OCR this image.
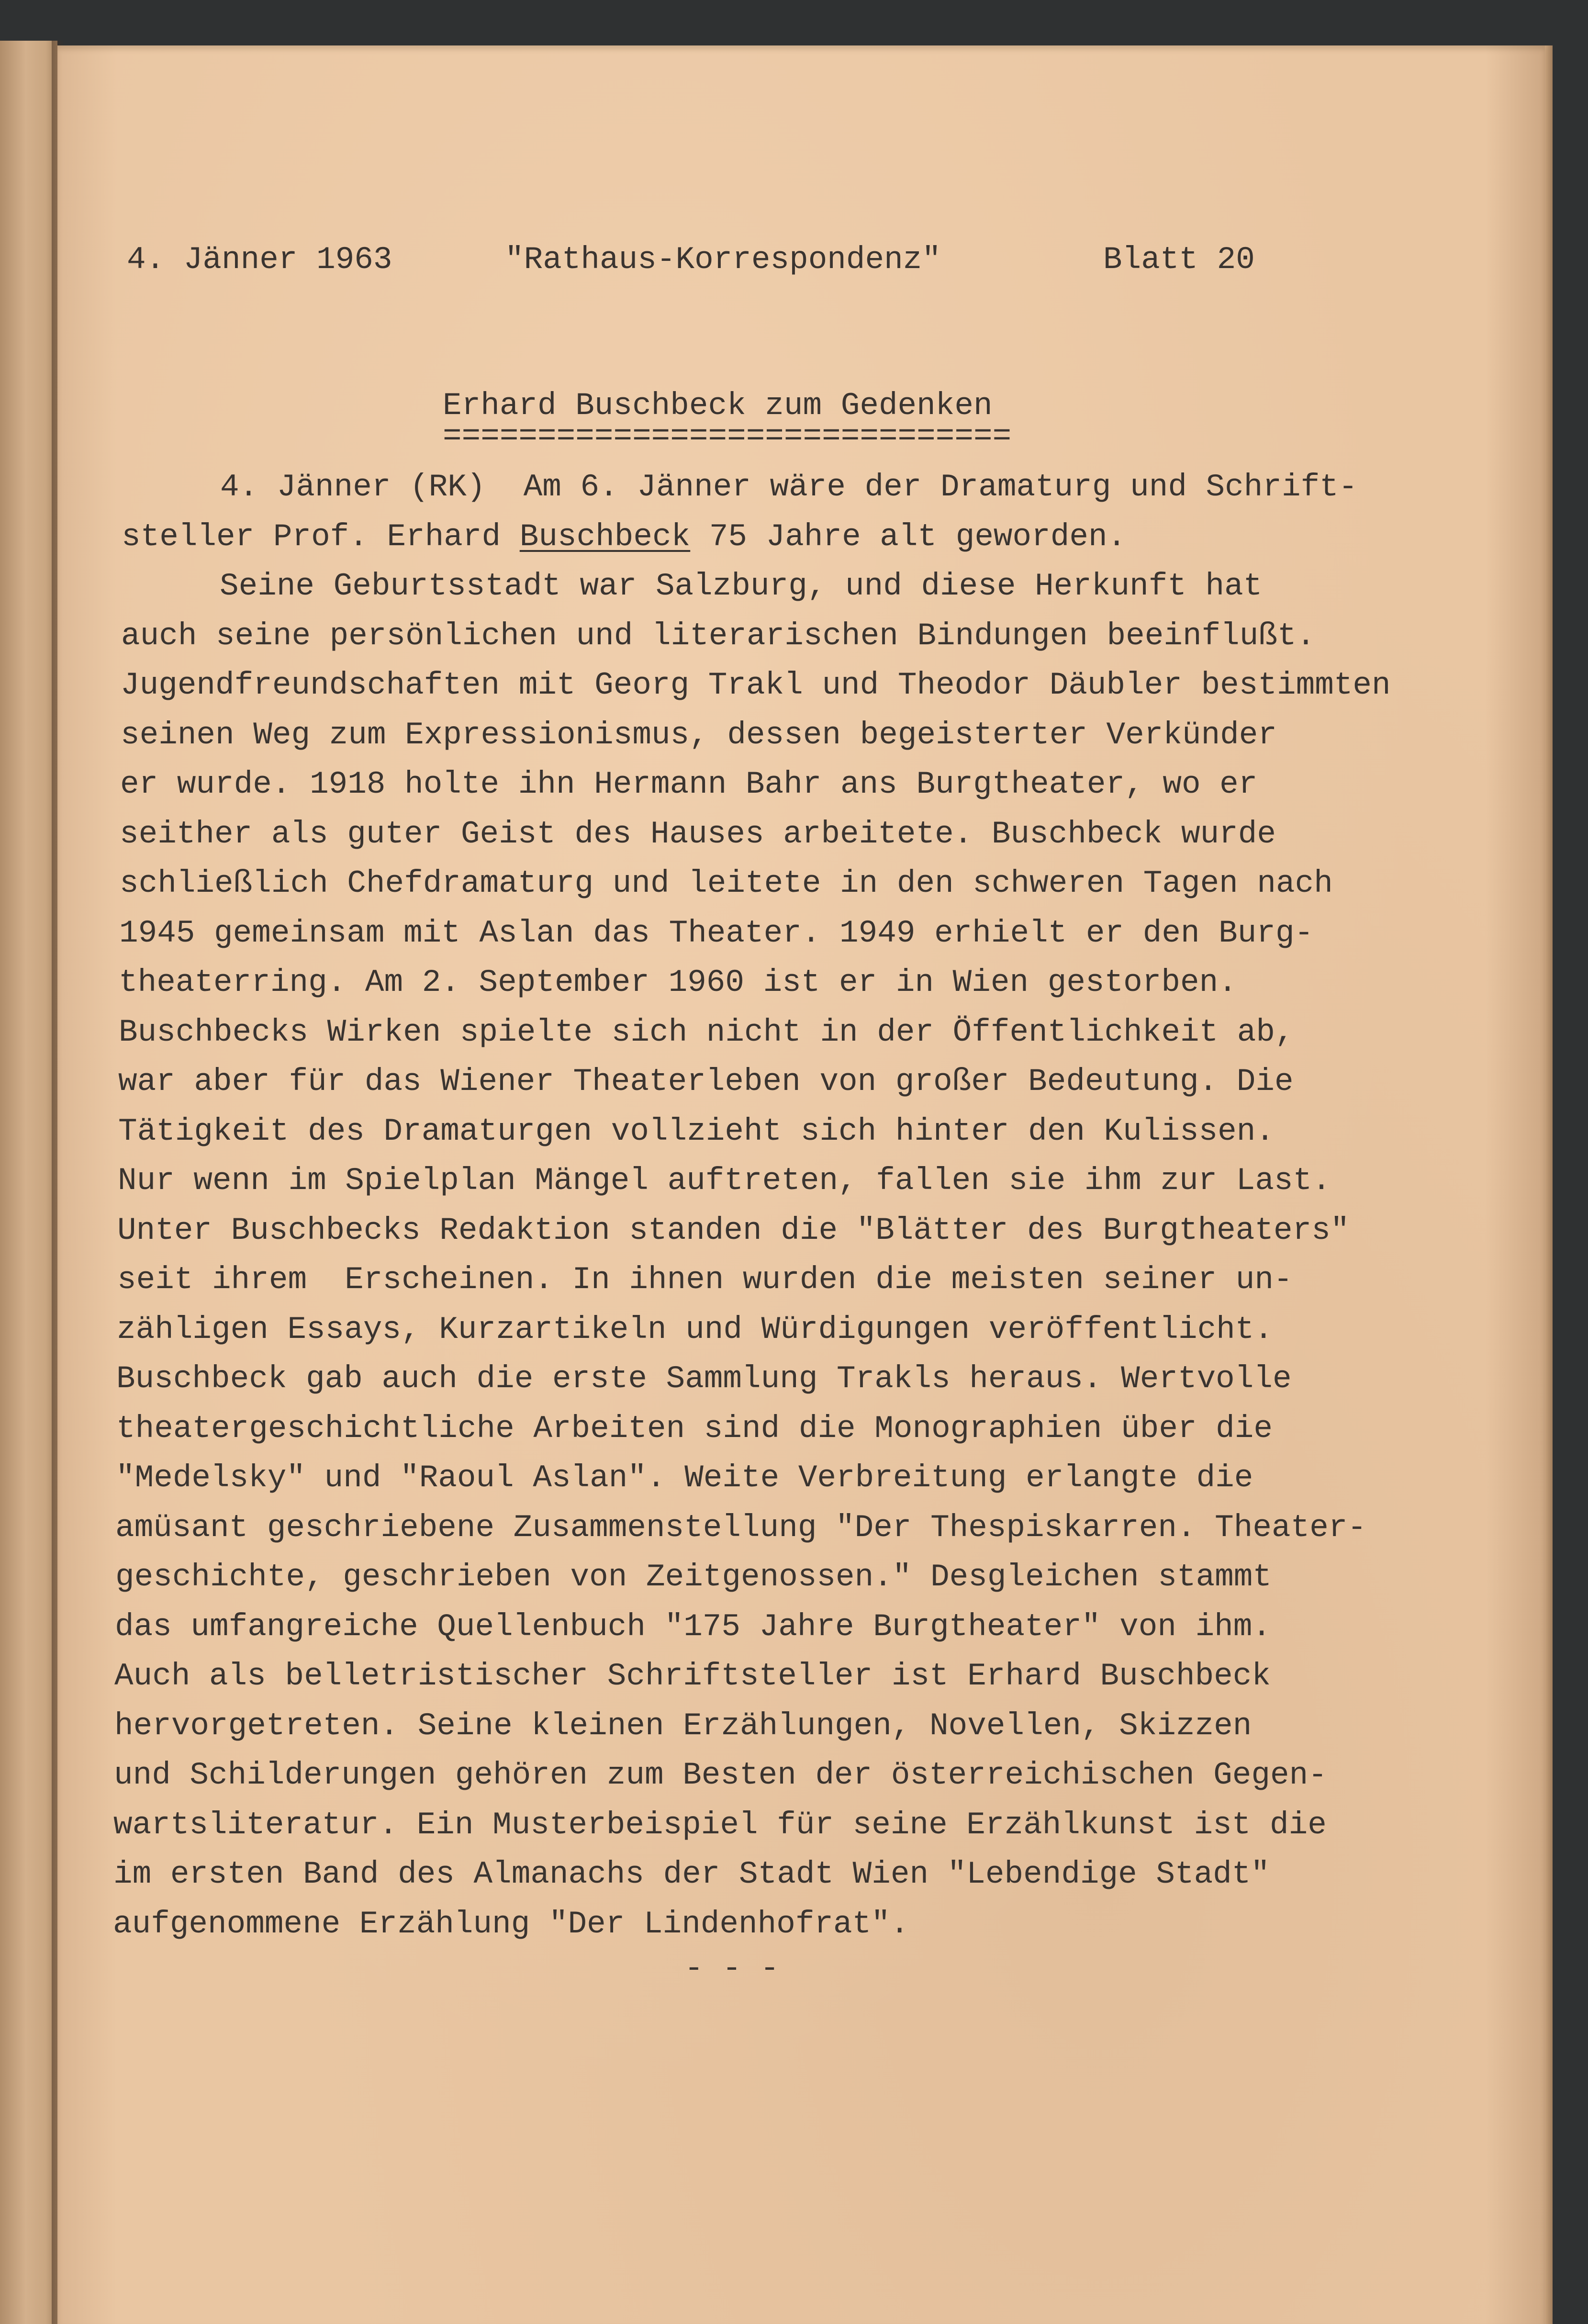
4. Jänner 1963	"Rathaus-Korrespondenz"	Blatt 20
Erhard Buschbeck zum Gedenken
==============================
4. Jänner (RK)  Am 6. Jänner wäre der Dramaturg und Schrift-
steller Prof. Erhard Buschbeck 75 Jahre alt geworden.
Seine Geburtsstadt war Salzburg, und diese Herkunft hat
auch seine persönlichen und literarischen Bindungen beeinflußt.
Jugendfreundschaften mit Georg Trakl und Theodor Däubler bestimmten
seinen Weg zum Expressionismus, dessen begeisterter Verkünder
er wurde. 1918 holte ihn Hermann Bahr ans Burgtheater, wo er
seither als guter Geist des Hauses arbeitete. Buschbeck wurde
schließlich Chefdramaturg und leitete in den schweren Tagen nach
1945 gemeinsam mit Aslan das Theater. 1949 erhielt er den Burg-
theaterring. Am 2. September 1960 ist er in Wien gestorben.
Buschbecks Wirken spielte sich nicht in der Öffentlichkeit ab,
war aber für das Wiener Theaterleben von großer Bedeutung. Die
Tätigkeit des Dramaturgen vollzieht sich hinter den Kulissen.
Nur wenn im Spielplan Mängel auftreten, fallen sie ihm zur Last.
Unter Buschbecks Redaktion standen die "Blätter des Burgtheaters"
seit ihrem  Erscheinen. In ihnen wurden die meisten seiner un-
zähligen Essays, Kurzartikeln und Würdigungen veröffentlicht.
Buschbeck gab auch die erste Sammlung Trakls heraus. Wertvolle
theatergeschichtliche Arbeiten sind die Monographien über die
"Medelsky" und "Raoul Aslan". Weite Verbreitung erlangte die
amüsant geschriebene Zusammenstellung "Der Thespiskarren. Theater-
geschichte, geschrieben von Zeitgenossen." Desgleichen stammt
das umfangreiche Quellenbuch "175 Jahre Burgtheater" von ihm.
Auch als belletristischer Schriftsteller ist Erhard Buschbeck
hervorgetreten. Seine kleinen Erzählungen, Novellen, Skizzen
und Schilderungen gehören zum Besten der österreichischen Gegen-
wartsliteratur. Ein Musterbeispiel für seine Erzählkunst ist die
im ersten Band des Almanachs der Stadt Wien "Lebendige Stadt"
aufgenommene Erzählung "Der Lindenhofrat".
- - -
